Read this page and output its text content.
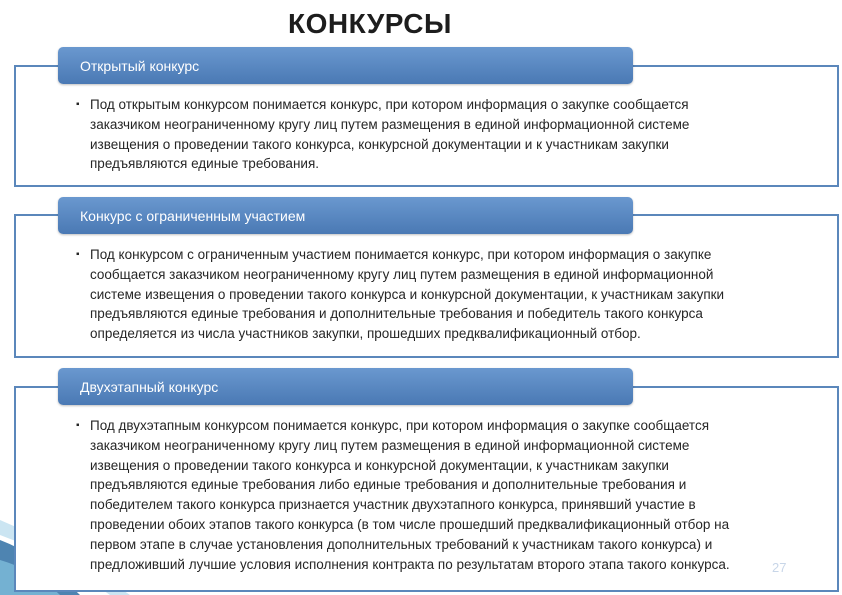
КОНКУРСЫ
Открытый конкурс
▪ Под открытым конкурсом понимается конкурс, при котором информация о закупке сообщается заказчиком неограниченному кругу лиц путем размещения в единой информационной системе извещения о проведении такого конкурса, конкурсной документации и к участникам закупки предъявляются единые требования.
Конкурс с ограниченным участием
▪ Под конкурсом с ограниченным участием понимается конкурс, при котором информация о закупке сообщается заказчиком неограниченному кругу лиц путем размещения в единой информационной системе извещения о проведении такого конкурса и конкурсной документации, к участникам закупки предъявляются единые требования и дополнительные требования и победитель такого конкурса определяется из числа участников закупки, прошедших предквалификационный отбор.
Двухэтапный конкурс
▪ Под двухэтапным конкурсом понимается конкурс, при котором информация о закупке сообщается заказчиком неограниченному кругу лиц путем размещения в единой информационной системе извещения о проведении такого конкурса и конкурсной документации, к участникам закупки предъявляются единые требования либо единые требования и дополнительные требования и победителем такого конкурса признается участник двухэтапного конкурса, принявший участие в проведении обоих этапов такого конкурса (в том числе прошедший предквалификационный отбор на первом этапе в случае установления дополнительных требований к участникам такого конкурса) и предложивший лучшие условия исполнения контракта по результатам второго этапа такого конкурса.	27
